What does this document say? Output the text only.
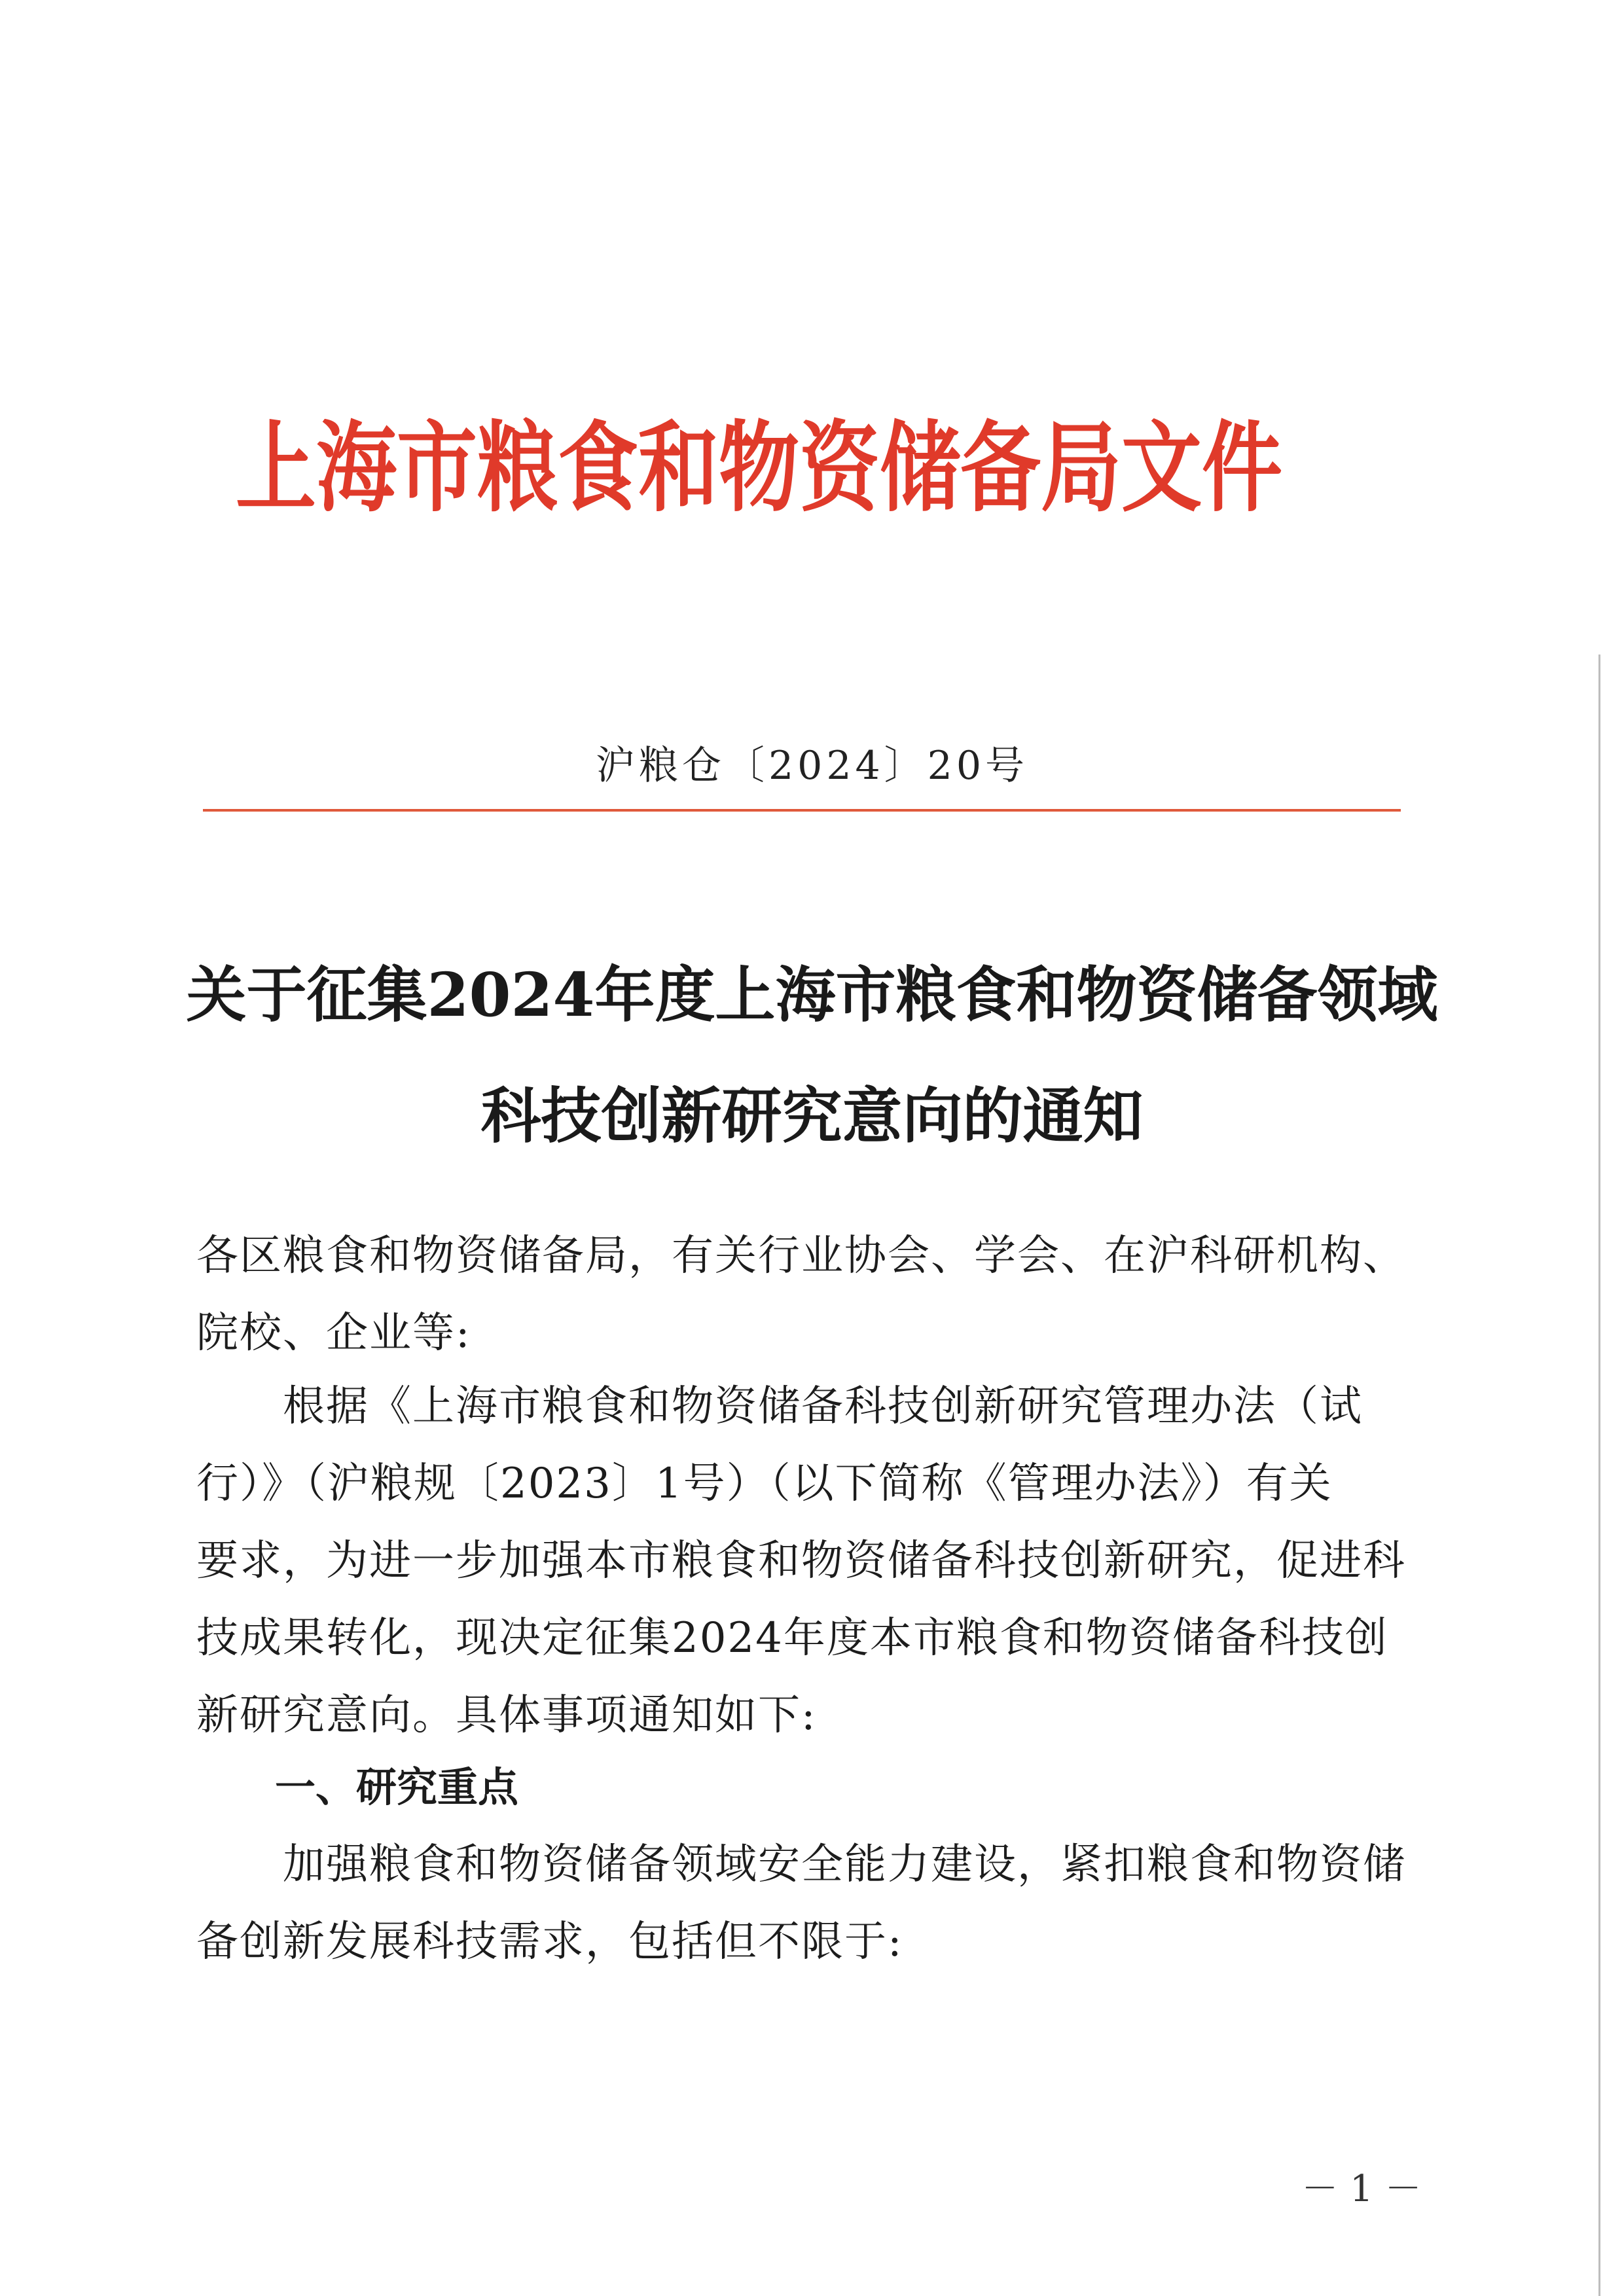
上海市粮食和物资储备局文件
沪粮仓〔2024〕20号
关于征集2024年度上海市粮食和物资储备领域
科技创新研究意向的通知
各区粮食和物资储备局，有关行业协会、学会、在沪科研机构、
院校、企业等:
　　根据《上海市粮食和物资储备科技创新研究管理办法（试
行）》（沪粮规〔2023〕1号）（以下简称《管理办法》）有关
要求，为进一步加强本市粮食和物资储备科技创新研究，促进科
技成果转化，现决定征集2024年度本市粮食和物资储备科技创
新研究意向。具体事项通知如下:
一、研究重点
　　加强粮食和物资储备领域安全能力建设，紧扣粮食和物资储
备创新发展科技需求，包括但不限于:
－ 1 －
